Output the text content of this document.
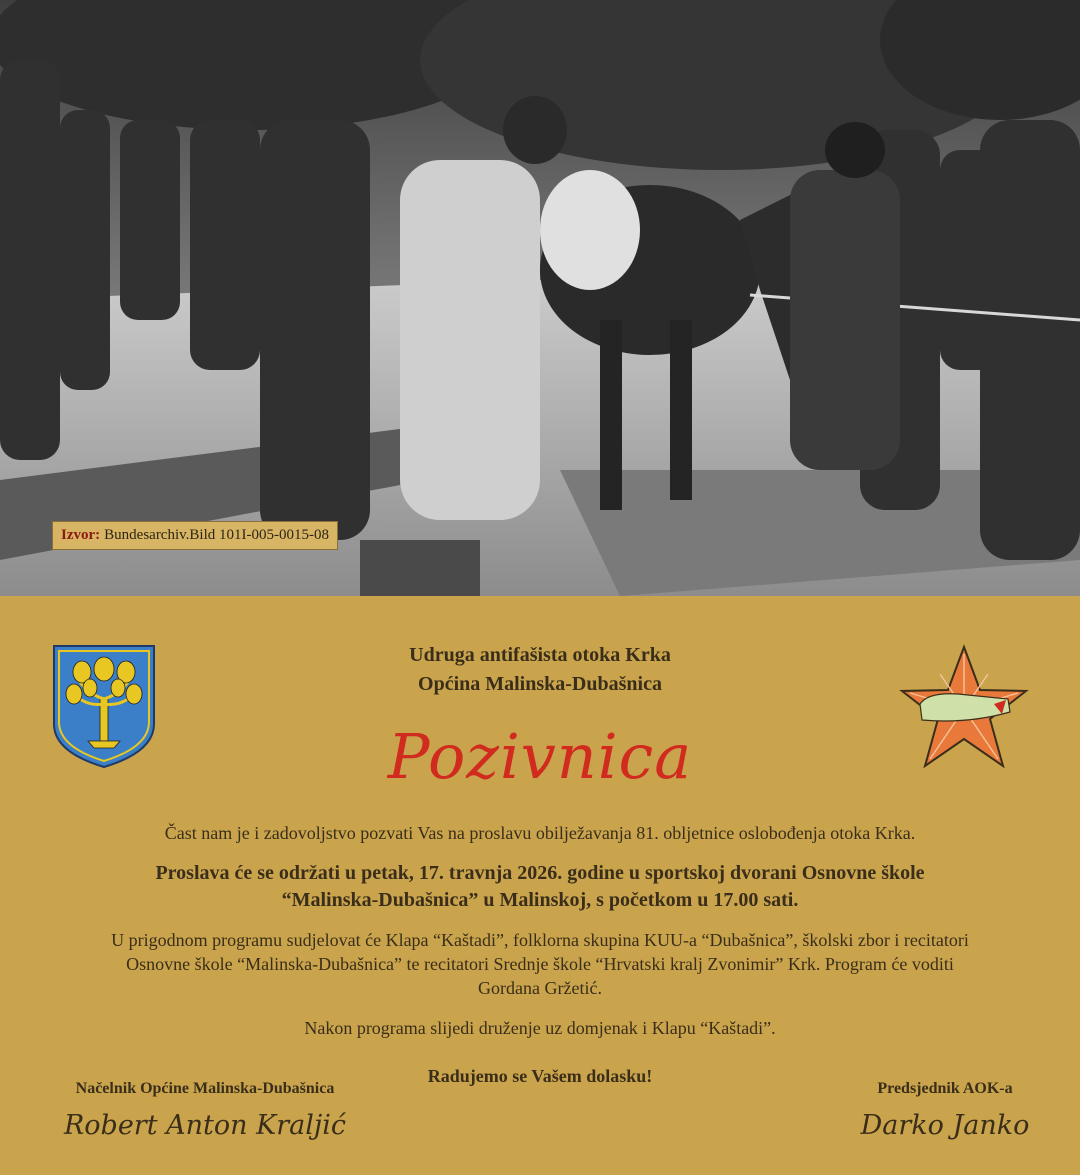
Izvor: Bundesarchiv.Bild 101I-005-0015-08
Udruga antifašista otoka Krka
Općina Malinska-Dubašnica
Pozivnica
Čast nam je i zadovoljstvo pozvati Vas na proslavu obilježavanja 81. obljetnice oslobođenja otoka Krka.
Proslava će se održati u petak, 17. travnja 2026. godine u sportskoj dvorani Osnovne škole
“Malinska-Dubašnica” u Malinskoj, s početkom u 17.00 sati.
U prigodnom programu sudjelovat će Klapa “Kaštadi”, folklorna skupina KUU-a “Dubašnica”, školski zbor i recitatori
Osnovne škole “Malinska-Dubašnica” te recitatori Srednje škole “Hrvatski kralj Zvonimir” Krk. Program će voditi
Gordana Gržetić.
Nakon programa slijedi druženje uz domjenak i Klapu “Kaštadi”.
Radujemo se Vašem dolasku!
Načelnik Općine Malinska-Dubašnica
Robert Anton Kraljić
Predsjednik AOK-a
Darko Janko
